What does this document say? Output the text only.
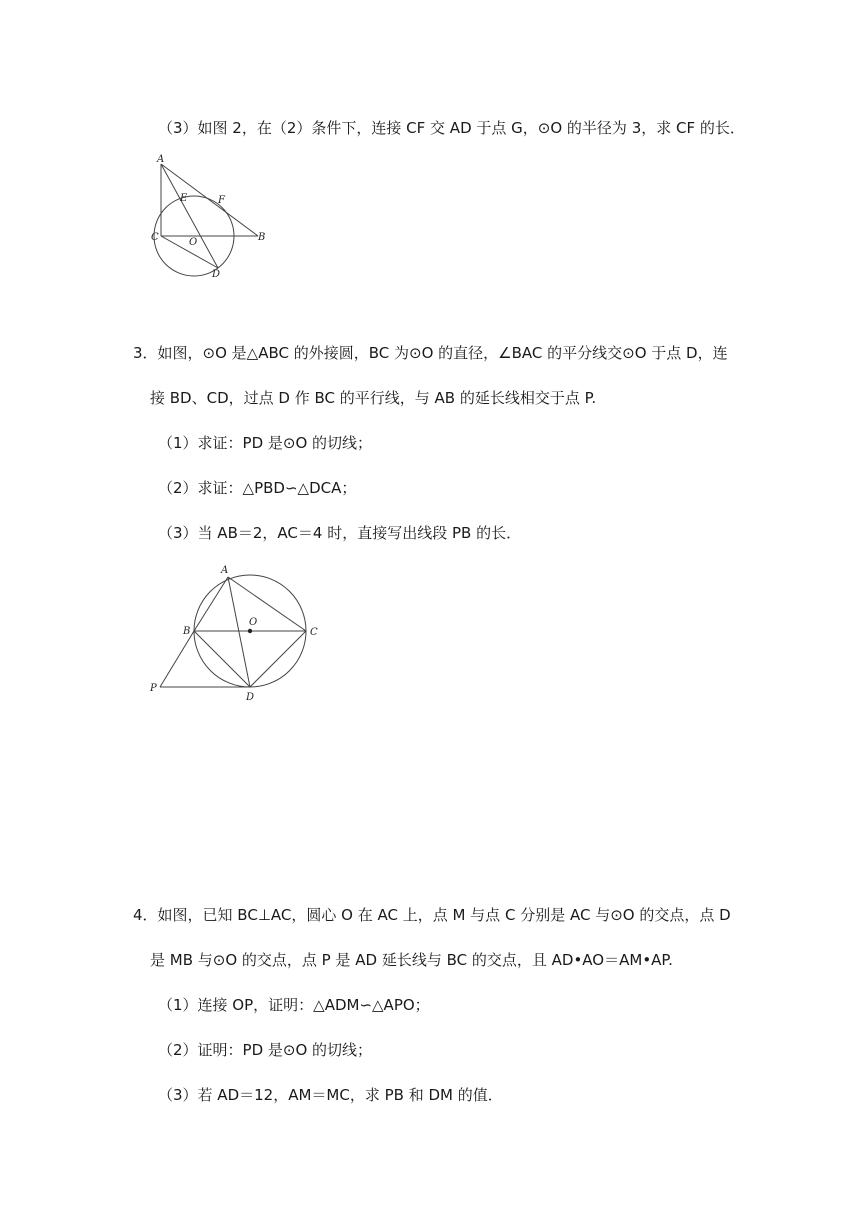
（3）如图 2，在（2）条件下，连接 CF 交 AD 于点 G，⊙O 的半径为 3，求 CF 的长．
A
E	F
C	O	B
D
3．如图，⊙O 是△ABC 的外接圆，BC 为⊙O 的直径，∠BAC 的平分线交⊙O 于点 D，连
接 BD、CD，过点 D 作 BC 的平行线，与 AB 的延长线相交于点 P.
（1）求证：PD 是⊙O 的切线；
（2）求证：△PBD∽△DCA；
（3）当 AB＝2，AC＝4 时，直接写出线段 PB 的长．
A
O
B	C
P
D
4．如图，已知 BC⊥AC，圆心 O 在 AC 上，点 M 与点 C 分别是 AC 与⊙O 的交点，点 D
是 MB 与⊙O 的交点，点 P 是 AD 延长线与 BC 的交点，且 AD•AO＝AM•AP.
（1）连接 OP，证明：△ADM∽△APO；
（2）证明：PD 是⊙O 的切线；
（3）若 AD＝12，AM＝MC，求 PB 和 DM 的值．
